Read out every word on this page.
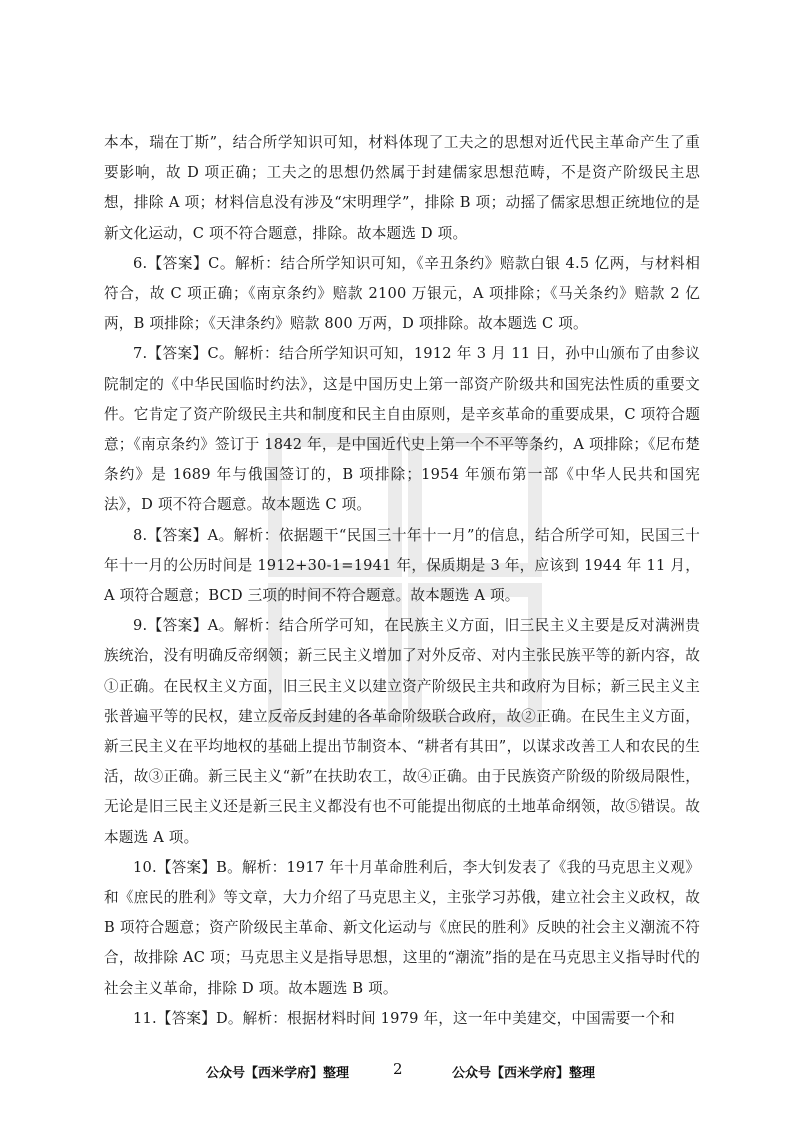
本本，瑞在丁斯”，结合所学知识可知，材料体现了工夫之的思想对近代民主革命产生了重要影响，故 D 项正确；工夫之的思想仍然属于封建儒家思想范畴，不是资产阶级民主思想，排除 A 项；材料信息没有涉及“宋明理学”，排除 B 项；动摇了儒家思想正统地位的是新文化运动，C 项不符合题意，排除。故本题选 D 项。

6.【答案】C。解析：结合所学知识可知，《辛丑条约》赔款白银 4.5 亿两，与材料相符合，故 C 项正确；《南京条约》赔款 2100 万银元，A 项排除；《马关条约》赔款 2 亿两，B 项排除；《天津条约》赔款 800 万两，D 项排除。故本题选 C 项。

7.【答案】C。解析：结合所学知识可知，1912 年 3 月 11 日，孙中山颁布了由参议院制定的《中华民国临时约法》，这是中国历史上第一部资产阶级共和国宪法性质的重要文件。它肯定了资产阶级民主共和制度和民主自由原则，是辛亥革命的重要成果，C 项符合题意；《南京条约》签订于 1842 年，是中国近代史上第一个不平等条约，A 项排除；《尼布楚条约》是 1689 年与俄国签订的，B 项排除；1954 年颁布第一部《中华人民共和国宪法》，D 项不符合题意。故本题选 C 项。

8.【答案】A。解析：依据题干“民国三十年十一月”的信息，结合所学可知，民国三十年十一月的公历时间是 1912+30-1=1941 年，保质期是 3 年，应该到 1944 年 11 月，A 项符合题意；BCD 三项的时间不符合题意。故本题选 A 项。

9.【答案】A。解析：结合所学可知，在民族主义方面，旧三民主义主要是反对满洲贵族统治，没有明确反帝纲领；新三民主义增加了对外反帝、对内主张民族平等的新内容，故①正确。在民权主义方面，旧三民主义以建立资产阶级民主共和政府为目标；新三民主义主张普遍平等的民权，建立反帝反封建的各革命阶级联合政府，故②正确。在民生主义方面，新三民主义在平均地权的基础上提出节制资本、“耕者有其田”，以谋求改善工人和农民的生活，故③正确。新三民主义“新”在扶助农工，故④正确。由于民族资产阶级的阶级局限性，无论是旧三民主义还是新三民主义都没有也不可能提出彻底的土地革命纲领，故⑤错误。故本题选 A 项。

10.【答案】B。解析：1917 年十月革命胜利后，李大钊发表了《我的马克思主义观》和《庶民的胜利》等文章，大力介绍了马克思主义，主张学习苏俄，建立社会主义政权，故 B 项符合题意；资产阶级民主革命、新文化运动与《庶民的胜利》反映的社会主义潮流不符合，故排除 AC 项；马克思主义是指导思想，这里的“潮流”指的是在马克思主义指导时代的社会主义革命，排除 D 项。故本题选 B 项。

11.【答案】D。解析：根据材料时间 1979 年，这一年中美建交，中国需要一个和

公众号【西米学府】整理	2	公众号【西米学府】整理
